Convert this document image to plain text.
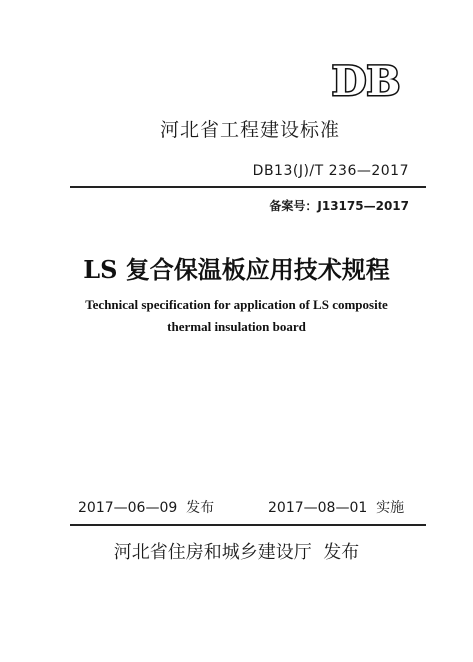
DB
河北省工程建设标准
DB13(J)/T 236—2017
备案号：J13175—2017
LS 复合保温板应用技术规程
Technical specification for application of LS composite
thermal insulation board
2017—06—09  发布	2017—08—01  实施
河北省住房和城乡建设厅  发布
